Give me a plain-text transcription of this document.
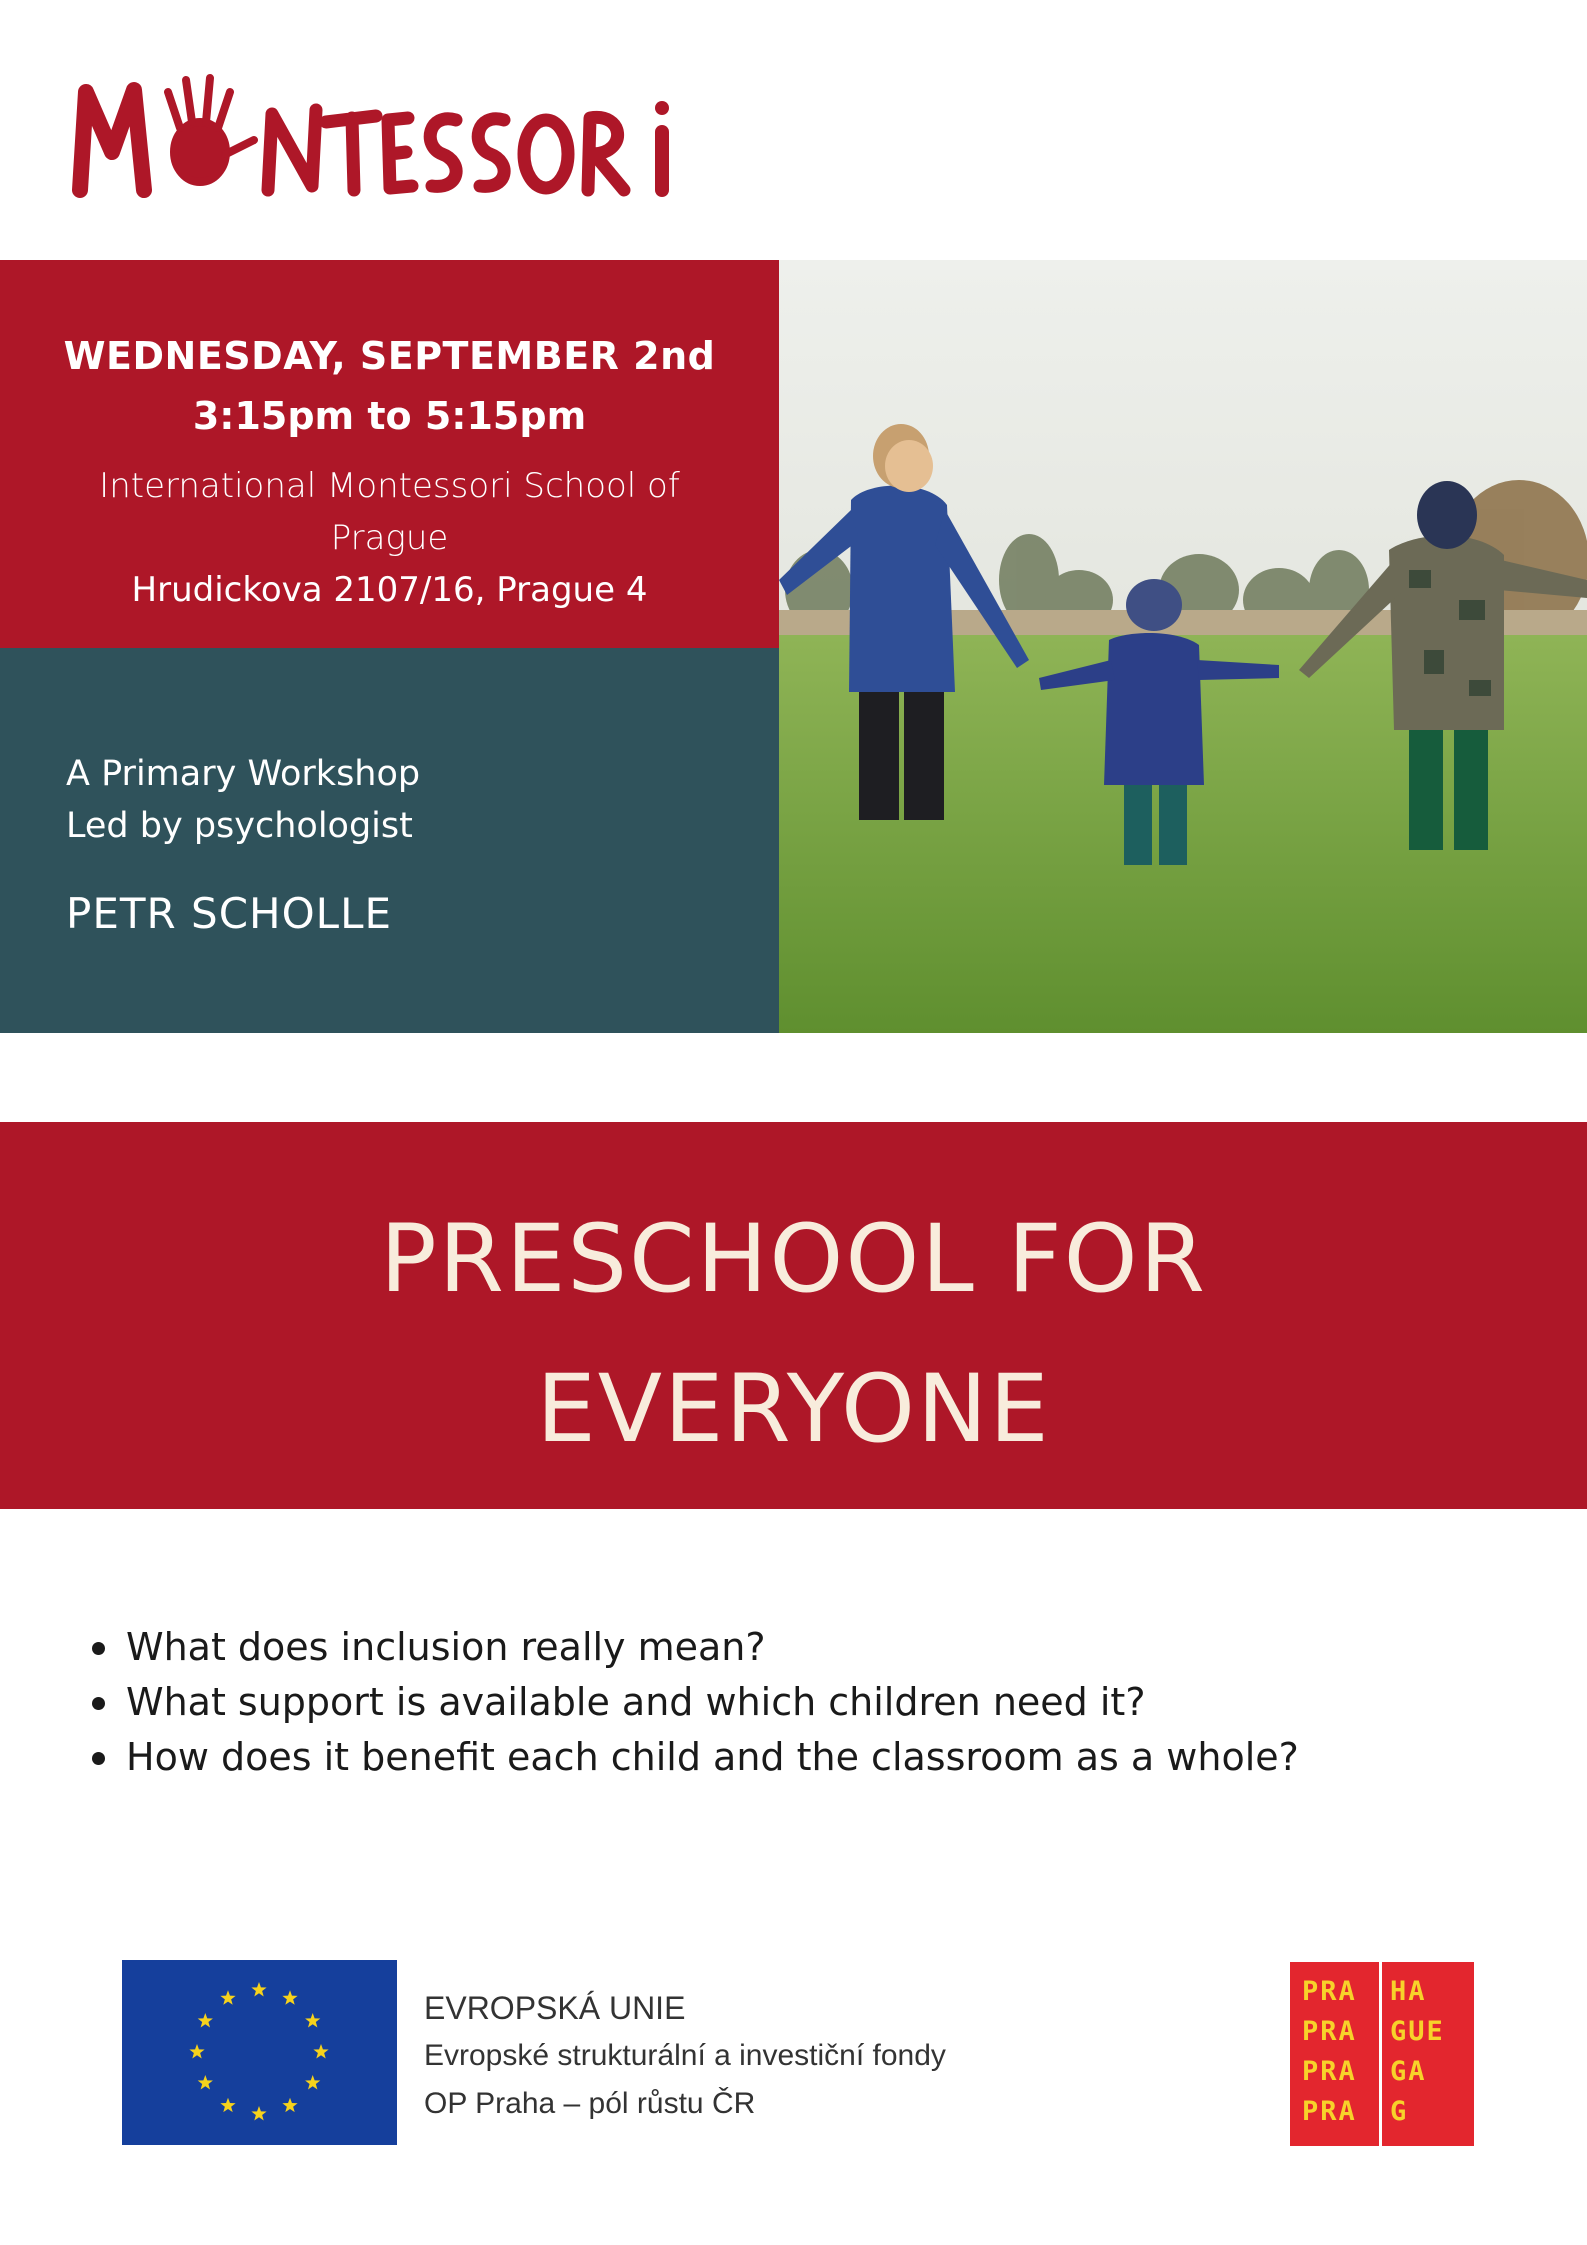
WEDNESDAY, SEPTEMBER 2nd
3:15pm to 5:15pm
International Montessori School of Prague
Hrudickova 2107/16, Prague 4
A Primary Workshop
Led by psychologist
PETR SCHOLLE
PRESCHOOL FOR
EVERYONE
What does inclusion really mean?
What support is available and which children need it?
How does it benefit each child and the classroom as a whole?
EVROPSKÁ UNIE
Evropské strukturální a investiční fondy
OP Praha – pól růstu ČR
PRA
PRA
PRA
PRA
HA
GUE
GA
G
